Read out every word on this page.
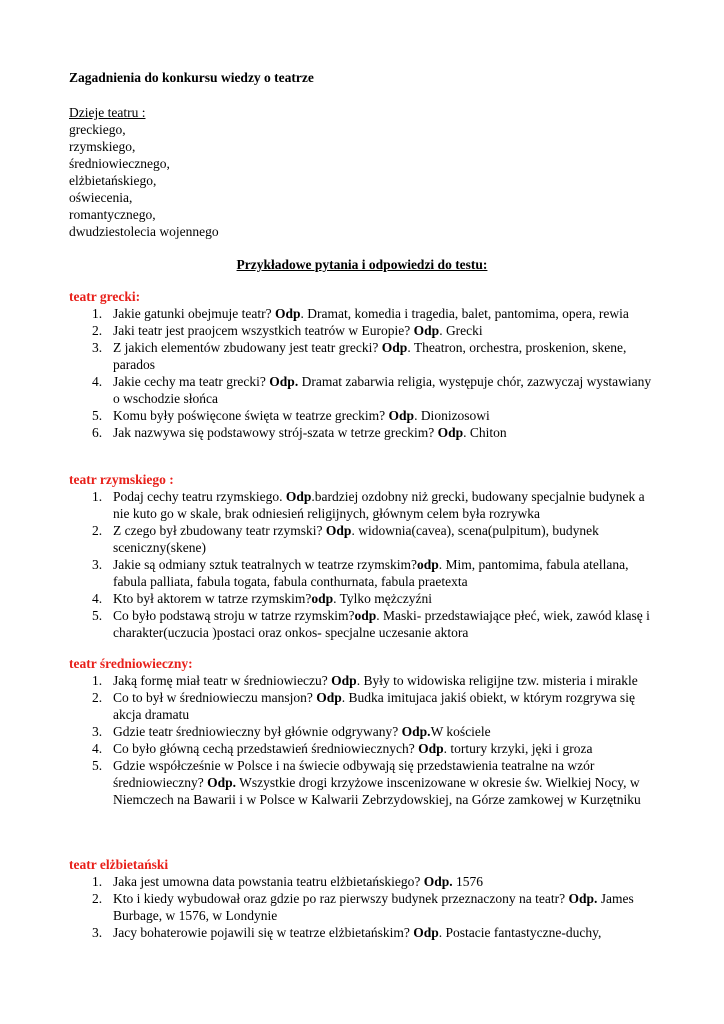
Zagadnienia do konkursu wiedzy o teatrze
Dzieje teatru :
greckiego,
rzymskiego,
średniowiecznego,
elżbietańskiego,
oświecenia,
romantycznego,
dwudziestolecia wojennego
Przykładowe pytania i odpowiedzi do testu:
teatr grecki:
1. Jakie gatunki obejmuje teatr? Odp. Dramat, komedia i tragedia, balet, pantomima, opera, rewia
2. Jaki teatr jest praojcem wszystkich teatrów w Europie? Odp. Grecki
3. Z jakich elementów zbudowany jest teatr grecki? Odp. Theatron, orchestra, proskenion, skene, parados
4. Jakie cechy ma teatr grecki? Odp. Dramat zabarwia religia, występuje chór, zazwyczaj wystawiany o wschodzie słońca
5. Komu były poświęcone święta w teatrze greckim? Odp. Dionizosowi
6. Jak nazwywa się podstawowy strój-szata w tetrze greckim? Odp. Chiton
teatr rzymskiego :
1. Podaj cechy teatru rzymskiego. Odp.bardziej ozdobny niż grecki, budowany specjalnie budynek a nie kuto go w skale, brak odniesień religijnych, głównym celem była rozrywka
2. Z czego był zbudowany teatr rzymski? Odp. widownia(cavea), scena(pulpitum), budynek sceniczny(skene)
3. Jakie są odmiany sztuk teatralnych w teatrze rzymskim?odp. Mim, pantomima, fabula atellana, fabula palliata, fabula togata, fabula conthurnata, fabula praetexta
4. Kto był aktorem w tatrze rzymskim?odp. Tylko mężczyźni
5. Co było podstawą stroju w tatrze rzymskim?odp. Maski- przedstawiające płeć, wiek, zawód klasę i charakter(uczucia )postaci oraz onkos- specjalne uczesanie aktora
teatr średniowieczny:
1. Jaką formę miał teatr w średniowieczu? Odp. Były to widowiska religijne tzw. misteria i mirakle
2. Co to był w średniowieczu mansjon? Odp. Budka imitujaca jakiś obiekt, w którym rozgrywa się akcja dramatu
3. Gdzie teatr średniowieczny był głównie odgrywany? Odp.W kościele
4. Co było główną cechą przedstawień średniowiecznych? Odp. tortury krzyki, jęki i groza
5. Gdzie współcześnie w Polsce i na świecie odbywają się przedstawienia teatralne na wzór średniowieczny? Odp. Wszystkie drogi krzyżowe inscenizowane w okresie św. Wielkiej Nocy, w Niemczech na Bawarii i w Polsce w Kalwarii Zebrzydowskiej, na Górze zamkowej w Kurzętniku
teatr elżbietański
1. Jaka jest umowna data powstania teatru elżbietańskiego? Odp. 1576
2. Kto i kiedy wybudował oraz gdzie po raz pierwszy budynek przeznaczony na teatr? Odp. James Burbage, w 1576, w Londynie
3. Jacy bohaterowie pojawili się w teatrze elżbietańskim? Odp. Postacie fantastyczne-duchy,
